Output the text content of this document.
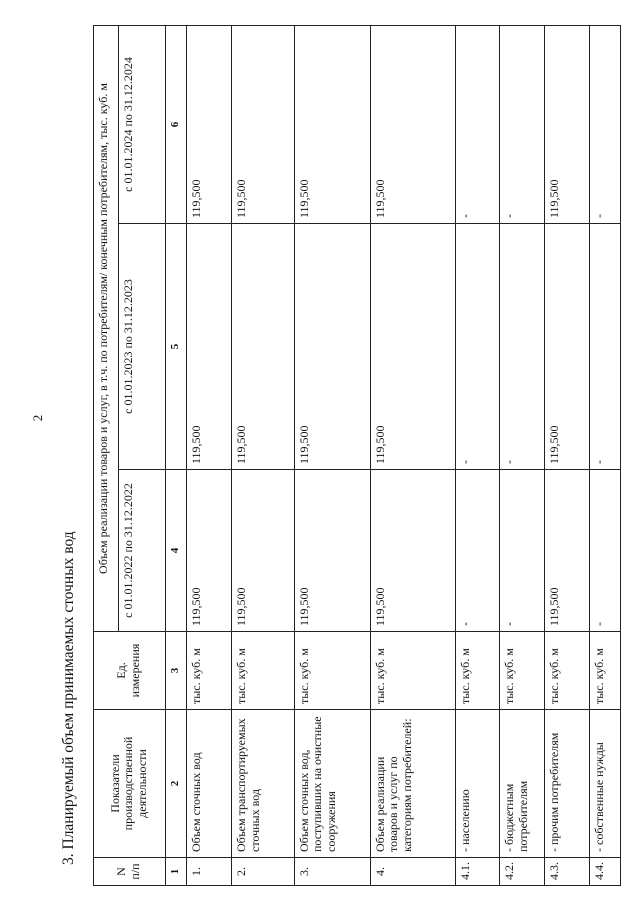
2
3. Планируемый объем принимаемых сточных вод
N п/п	Показатели производственной деятельности	Ед. измерения	Объем реализации товаров и услуг, в т.ч. по потребителям/ конечным потребителям, тыс. куб. м		
			с 01.01.2022 по 31.12.2022	с 01.01.2023 по 31.12.2023	с 01.01.2024 по 31.12.2024
1	2	3	4	5	6
1.	Объем сточных вод	тыс. куб. м	119,500	119,500	119,500
2.	Объем транспортируемых сточных вод	тыс. куб. м	119,500	119,500	119,500
3.	Объем сточных вод, поступивших на очистные сооружения	тыс. куб. м	119,500	119,500	119,500
4.	Объем реализации товаров и услуг по категориям потребителей:	тыс. куб. м	119,500	119,500	119,500
4.1.	- населению	тыс. куб. м	-	-	-
4.2.	- бюджетным потребителям	тыс. куб. м	-	-	-
4.3.	- прочим потребителям	тыс. куб. м	119,500	119,500	119,500
4.4.	- собственные нужды	тыс. куб. м	-	-	-
